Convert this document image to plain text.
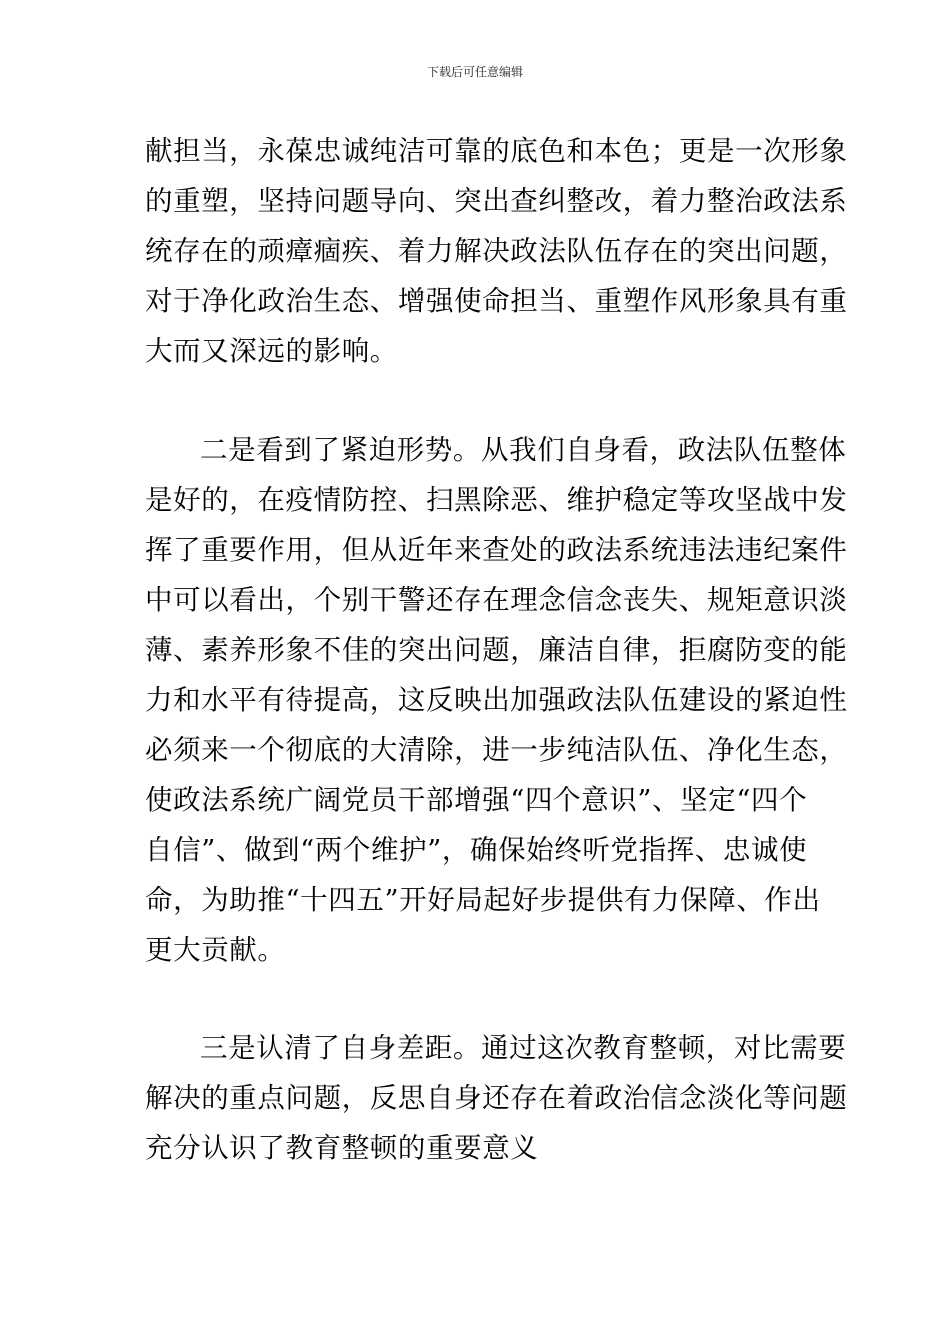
下载后可任意编辑
献担当，永葆忠诚纯洁可靠的底色和本色；更是一次形象
的重塑，坚持问题导向、突出查纠整改，着力整治政法系
统存在的顽瘴痼疾、着力解决政法队伍存在的突出问题，
对于净化政治生态、增强使命担当、重塑作风形象具有重
大而又深远的影响。
二是看到了紧迫形势。从我们自身看，政法队伍整体
是好的，在疫情防控、扫黑除恶、维护稳定等攻坚战中发
挥了重要作用，但从近年来查处的政法系统违法违纪案件
中可以看出，个别干警还存在理念信念丧失、规矩意识淡
薄、素养形象不佳的突出问题，廉洁自律，拒腐防变的能
力和水平有待提高，这反映出加强政法队伍建设的紧迫性
必须来一个彻底的大清除，进一步纯洁队伍、净化生态，
使政法系统广阔党员干部增强“四个意识”、坚定“四个
自信”、做到“两个维护”，确保始终听党指挥、忠诚使
命，为助推“十四五”开好局起好步提供有力保障、作出
更大贡献。
三是认清了自身差距。通过这次教育整顿，对比需要
解决的重点问题，反思自身还存在着政治信念淡化等问题
充分认识了教育整顿的重要意义
